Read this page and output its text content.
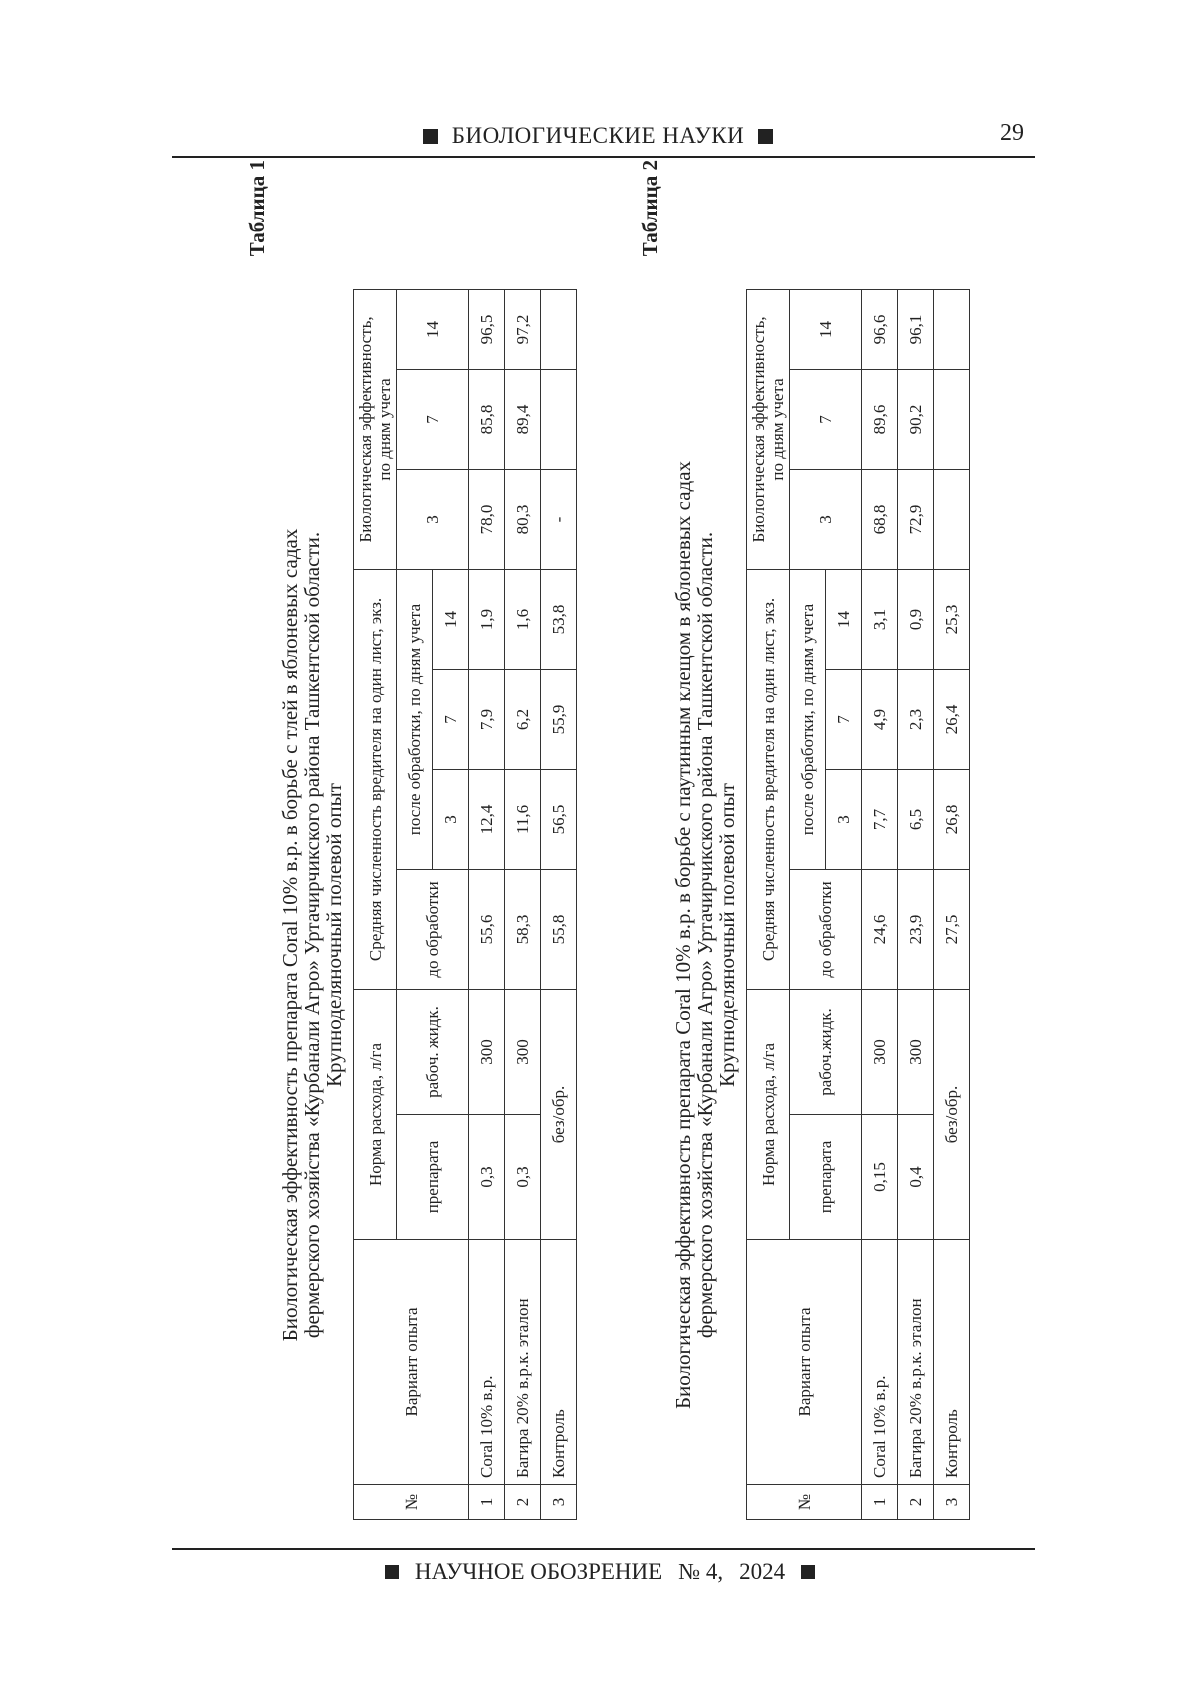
БИОЛОГИЧЕСКИЕ НАУКИ	29
Таблица 1
Биологическая эффективность препарата Coral 10% в.р. в борьбе с тлей в яблоневых садах
фермерского хозяйства «Курбанали Агро» Уртачирчикского района Ташкентской области.
Крупноделяночный полевой опыт
№	Вариант опыта	Норма расхода, л/га		Средняя численность вредителя на один лист, экз.				Биологическая эффективность,
по дням учета		
		препарата	рабоч. жидк.	до обработки	после обработки, по дням учета			3	7	14
					3	7	14			
1	Coral 10% в.р.	0,3	300	55,6	12,4	7,9	1,9	78,0	85,8	96,5
2	Багира 20% в.р.к. эталон	0,3	300	58,3	11,6	6,2	1,6	80,3	89,4	97,2
3	Контроль	без/обр.		55,8	56,5	55,9	53,8	-		
Таблица 2
Биологическая эффективность препарата Coral 10% в.р. в борьбе с паутинным клещом в яблоневых садах
фермерского хозяйства «Курбанали Агро» Уртачирчикского района Ташкентской области.
Крупноделяночный полевой опыт
№	Вариант опыта	Норма расхода, л/га		Средняя численность вредителя на один лист, экз.				Биологическая эффективность,
по дням учета		
		препарата	рабоч.жидк.	до обработки	после обработки, по дням учета			3	7	14
					3	7	14			
1	Coral 10% в.р.	0,15	300	24,6	7,7	4,9	3,1	68,8	89,6	96,6
2	Багира 20% в.р.к. эталон	0,4	300	23,9	6,5	2,3	0,9	72,9	90,2	96,1
3	Контроль	без/обр.		27,5	26,8	26,4	25,3			
НАУЧНОЕ ОБОЗРЕНИЕ № 4, 2024
